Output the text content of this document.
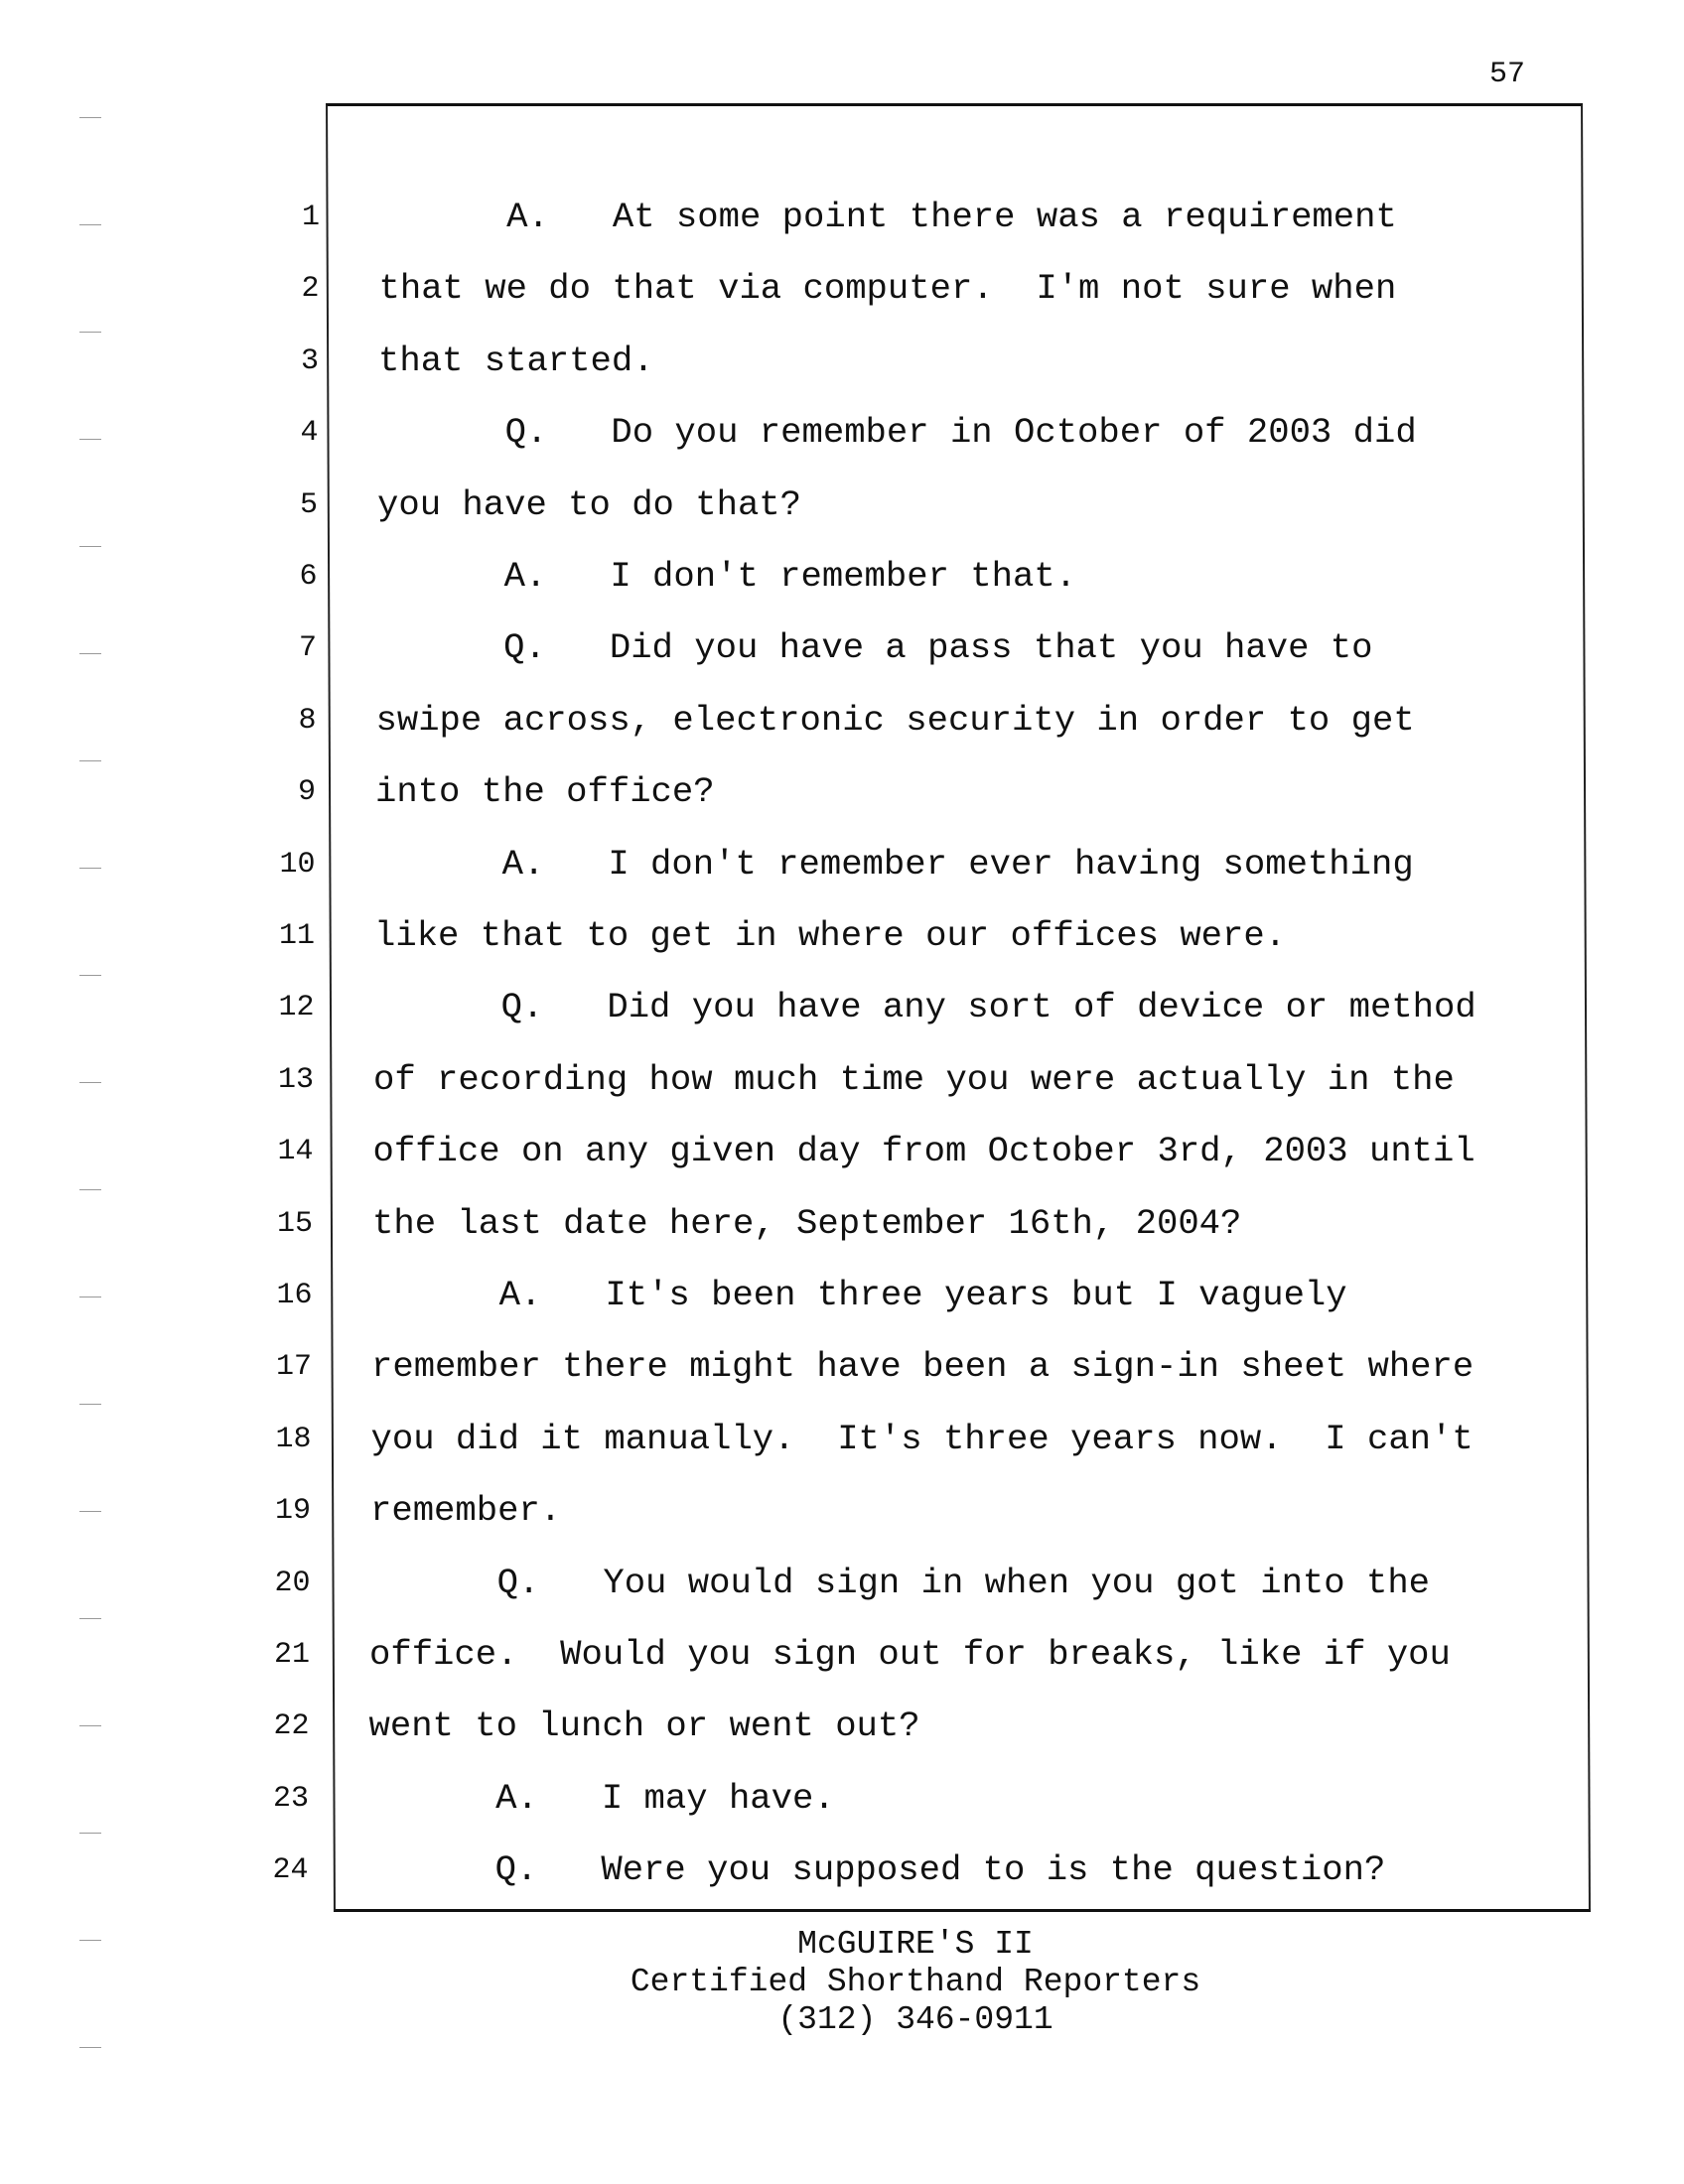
57
1 A.   At some point there was a requirement
2 that we do that via computer.  I'm not sure when
3 that started.
4 Q.   Do you remember in October of 2003 did
5 you have to do that?
6 A.   I don't remember that.
7 Q.   Did you have a pass that you have to
8 swipe across, electronic security in order to get
9 into the office?
10 A.   I don't remember ever having something
11 like that to get in where our offices were.
12 Q.   Did you have any sort of device or method
13 of recording how much time you were actually in the
14 office on any given day from October 3rd, 2003 until
15 the last date here, September 16th, 2004?
16 A.   It's been three years but I vaguely
17 remember there might have been a sign-in sheet where
18 you did it manually.  It's three years now.  I can't
19 remember.
20 Q.   You would sign in when you got into the
21 office.  Would you sign out for breaks, like if you
22 went to lunch or went out?
23 A.   I may have.
24 Q.   Were you supposed to is the question?
McGUIRE'S II
Certified Shorthand Reporters
(312) 346-0911
